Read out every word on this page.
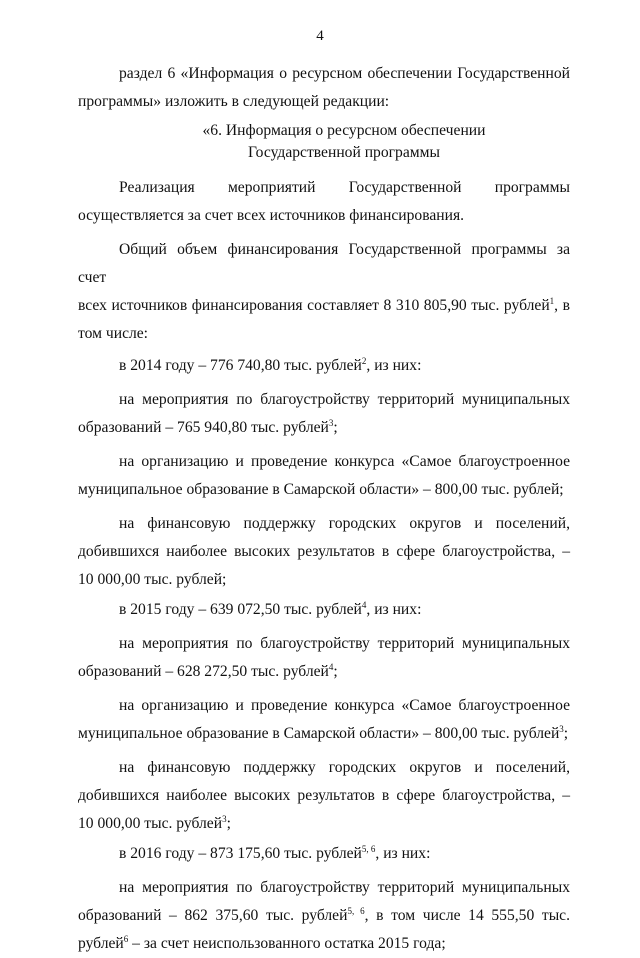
4
раздел 6 «Информация о ресурсном обеспечении Государственной
программы» изложить в следующей редакции:
«6. Информация о ресурсном обеспечении
Государственной программы
Реализация мероприятий Государственной программы
осуществляется за счет всех источников финансирования.
Общий объем финансирования Государственной программы за счет
всех источников финансирования составляет 8 310 805,90 тыс. рублей$^1$, в
том числе:
в 2014 году – 776 740,80 тыс. рублей$^2$, из них:
на мероприятия по благоустройству территорий муниципальных
образований – 765 940,80 тыс. рублей$^3$;
на организацию и проведение конкурса «Самое благоустроенное
муниципальное образование в Самарской области» – 800,00 тыс. рублей;
на финансовую поддержку городских округов и поселений,
добившихся наиболее высоких результатов в сфере благоустройства, –
10 000,00 тыс. рублей;
в 2015 году – 639 072,50 тыс. рублей$^4$, из них:
на мероприятия по благоустройству территорий муниципальных
образований – 628 272,50 тыс. рублей$^4$;
на организацию и проведение конкурса «Самое благоустроенное
муниципальное образование в Самарской области» – 800,00 тыс. рублей$^3$;
на финансовую поддержку городских округов и поселений,
добившихся наиболее высоких результатов в сфере благоустройства, –
10 000,00 тыс. рублей$^3$;
в 2016 году – 873 175,60 тыс. рублей$^{5, 6}$, из них:
на мероприятия по благоустройству территорий муниципальных
образований – 862 375,60 тыс. рублей$^{5, 6}$, в том числе 14 555,50 тыс.
рублей$^6$ – за счет неиспользованного остатка 2015 года;
